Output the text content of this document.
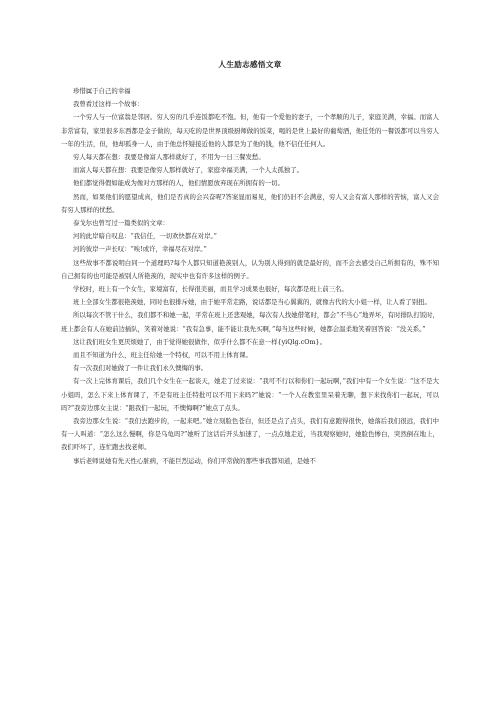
人生励志感悟文章

珍惜属于自己的幸福

我曾看过这样一个故事：

一个穷人与一位富翁是邻居。穷人穷的几乎连饭都吃不饱。但，他有一个爱他的妻子，一个孝顺的儿子，家庭美满，幸福。而富人非常富有，家里很多东西都是金子做的，每天吃的是世界顶级厨师做的饭菜，喝的是世上最好的葡萄酒，他任凭的一餐饭都可以当穷人一年的生活，但，他却孤身一人，由于他总怀疑接近他的人都是为了他的钱，他不信任任何人。

穷人每天都在想：我要是像富人那样就好了，不用为一日三餐发愁。

而富人每天都在想：我要是像穷人那样就好了，家庭幸福美满，一个人太孤独了。

他们都觉得假如能成为像对方那样的人，他们情愿放弃现在所拥有的一切。

然而，如果他们的愿望成真，他们是否真的会兴奋呢?答案显而易见，他们仍旧不会满意，穷人又会有富人那样的苦恼，富人又会有穷人那样的忧愁。

泰戈尔也曾写过一篇类似的文章：

河的此岸暗自叹息：“我信任，一切欢快都在对岸。”

河的彼岸一声长叹：“唉!或许，幸福尽在对岸。”

这些故事不都说明白同一个道理吗?每个人都只知道艳羡别人，认为别人得到的就是最好的，而不会去感受自己所拥有的，殊不知自己拥有的也可能是被别人所艳羡的，现实中也有许多这样的例子。

学校时，班上有一个女生，家境富有，长得很美丽，而且学习成果也很好，每次都是班上前三名。

班上全部女生都很艳羡她，同时也很排斥她，由于她平常走路，说话都是当心翼翼的，就像古代的大小姐一样，让人看了别扭。

所以每次不管干什么，我们都不和她一起，平常在班上还悲观她，每次有人找她借笔时，都会“不当心”地弄坏，有时排队打饭时，班上都会有人在她前边插队，笑着对她说：“我有急事，能不能让我先买啊，”每当这些时候，她都会温柔地笑着回答说：“没关系。”

这让我们班女生更厌烦她了，由于觉得她很做作，似乎什么都不在意一样{yiQlg.cOm}。

而且不知道为什么，班主任给她一个特权，可以不用上体育课。

有一次我们对她做了一件让我们永久懊悔的事。

有一次上完体育课后，我们几个女生在一起谈天，她走了过来说：“我可不行以和你们一起玩啊，”我们中有一个女生说：“这不是大小姐吗，怎么下来上体育课了，不是有班主任特批可以不用下来吗?”她说：“一个人在教室里呆着无聊，想下来找你们一起玩，可以吗?”我旁边那女主说：“跟我们一起玩，不懊悔啊?”她点了点头。

我旁边那女生说：“我们去跑步的，一起来吧。”她立刻脸色苍白，但还是点了点头，我们有意跑得很快，她落后我们很远，我们中有一人叫道：“怎么这么慢啊，你是乌龟吗?”她听了这话后开头加速了，一点点地走近，当我观察她时，她脸色惨白，突然倒在地上，我们吓坏了，连忙跑去找老师。

事后老师说她有先天性心脏病，不能巨烈运动，你们平常做的那些事我都知道，是她不
